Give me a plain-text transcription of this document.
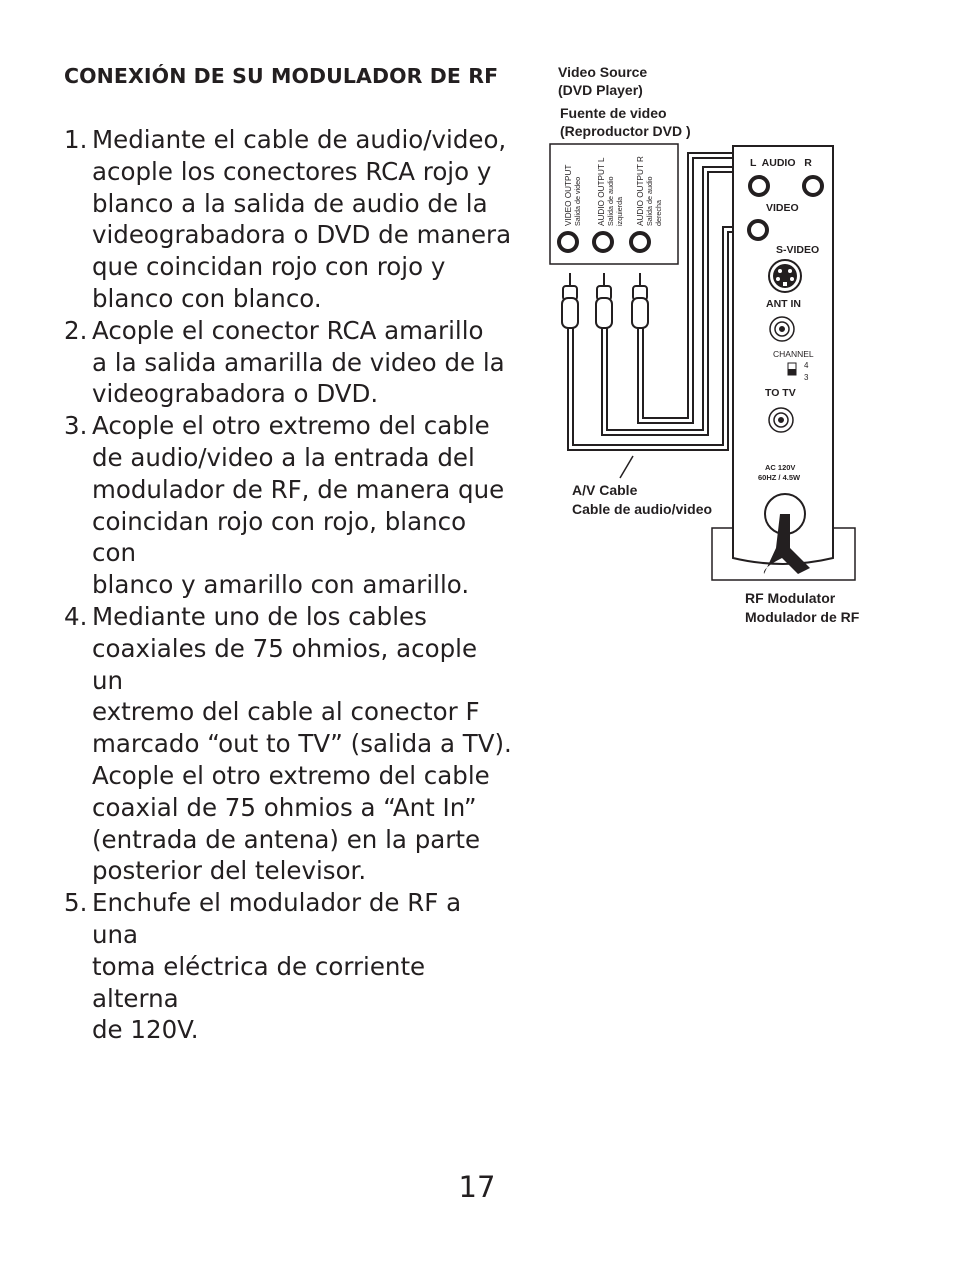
CONEXIÓN DE SU MODULADOR DE RF
1. Mediante el cable de audio/video,
acople los conectores RCA rojo y
blanco a la salida de audio de la
videograbadora o DVD de manera
que coincidan rojo con rojo y
blanco con blanco.
2. Acople el conector RCA amarillo
a la salida amarilla de video de la
videograbadora o DVD.
3. Acople el otro extremo del cable
de audio/video a la entrada del
modulador de RF, de manera que
coincidan rojo con rojo, blanco con
blanco y amarillo con amarillo.
4. Mediante uno de los cables
coaxiales de 75 ohmios, acople un
extremo del cable al conector F
marcado “out to TV” (salida a TV).
Acople el otro extremo del cable
coaxial de 75 ohmios a “Ant In”
(entrada de antena) en la parte
posterior del televisor.
5. Enchufe el modulador de RF a una
toma eléctrica de corriente alterna
de 120V.
Video Source
(DVD Player)
Fuente de video
(Reproductor DVD )
VIDEO OUTPUT Salida de video AUDIO OUTPUT L Salida de audio izquierda AUDIO OUTPUT R Salida de audio derecha
L  AUDIO   R
VIDEO
S-VIDEO
ANT IN
CHANNEL
4
3
TO TV
AC 120V
60HZ / 4.5W
A/V Cable
Cable de audio/video
RF Modulator
Modulador de RF
17
